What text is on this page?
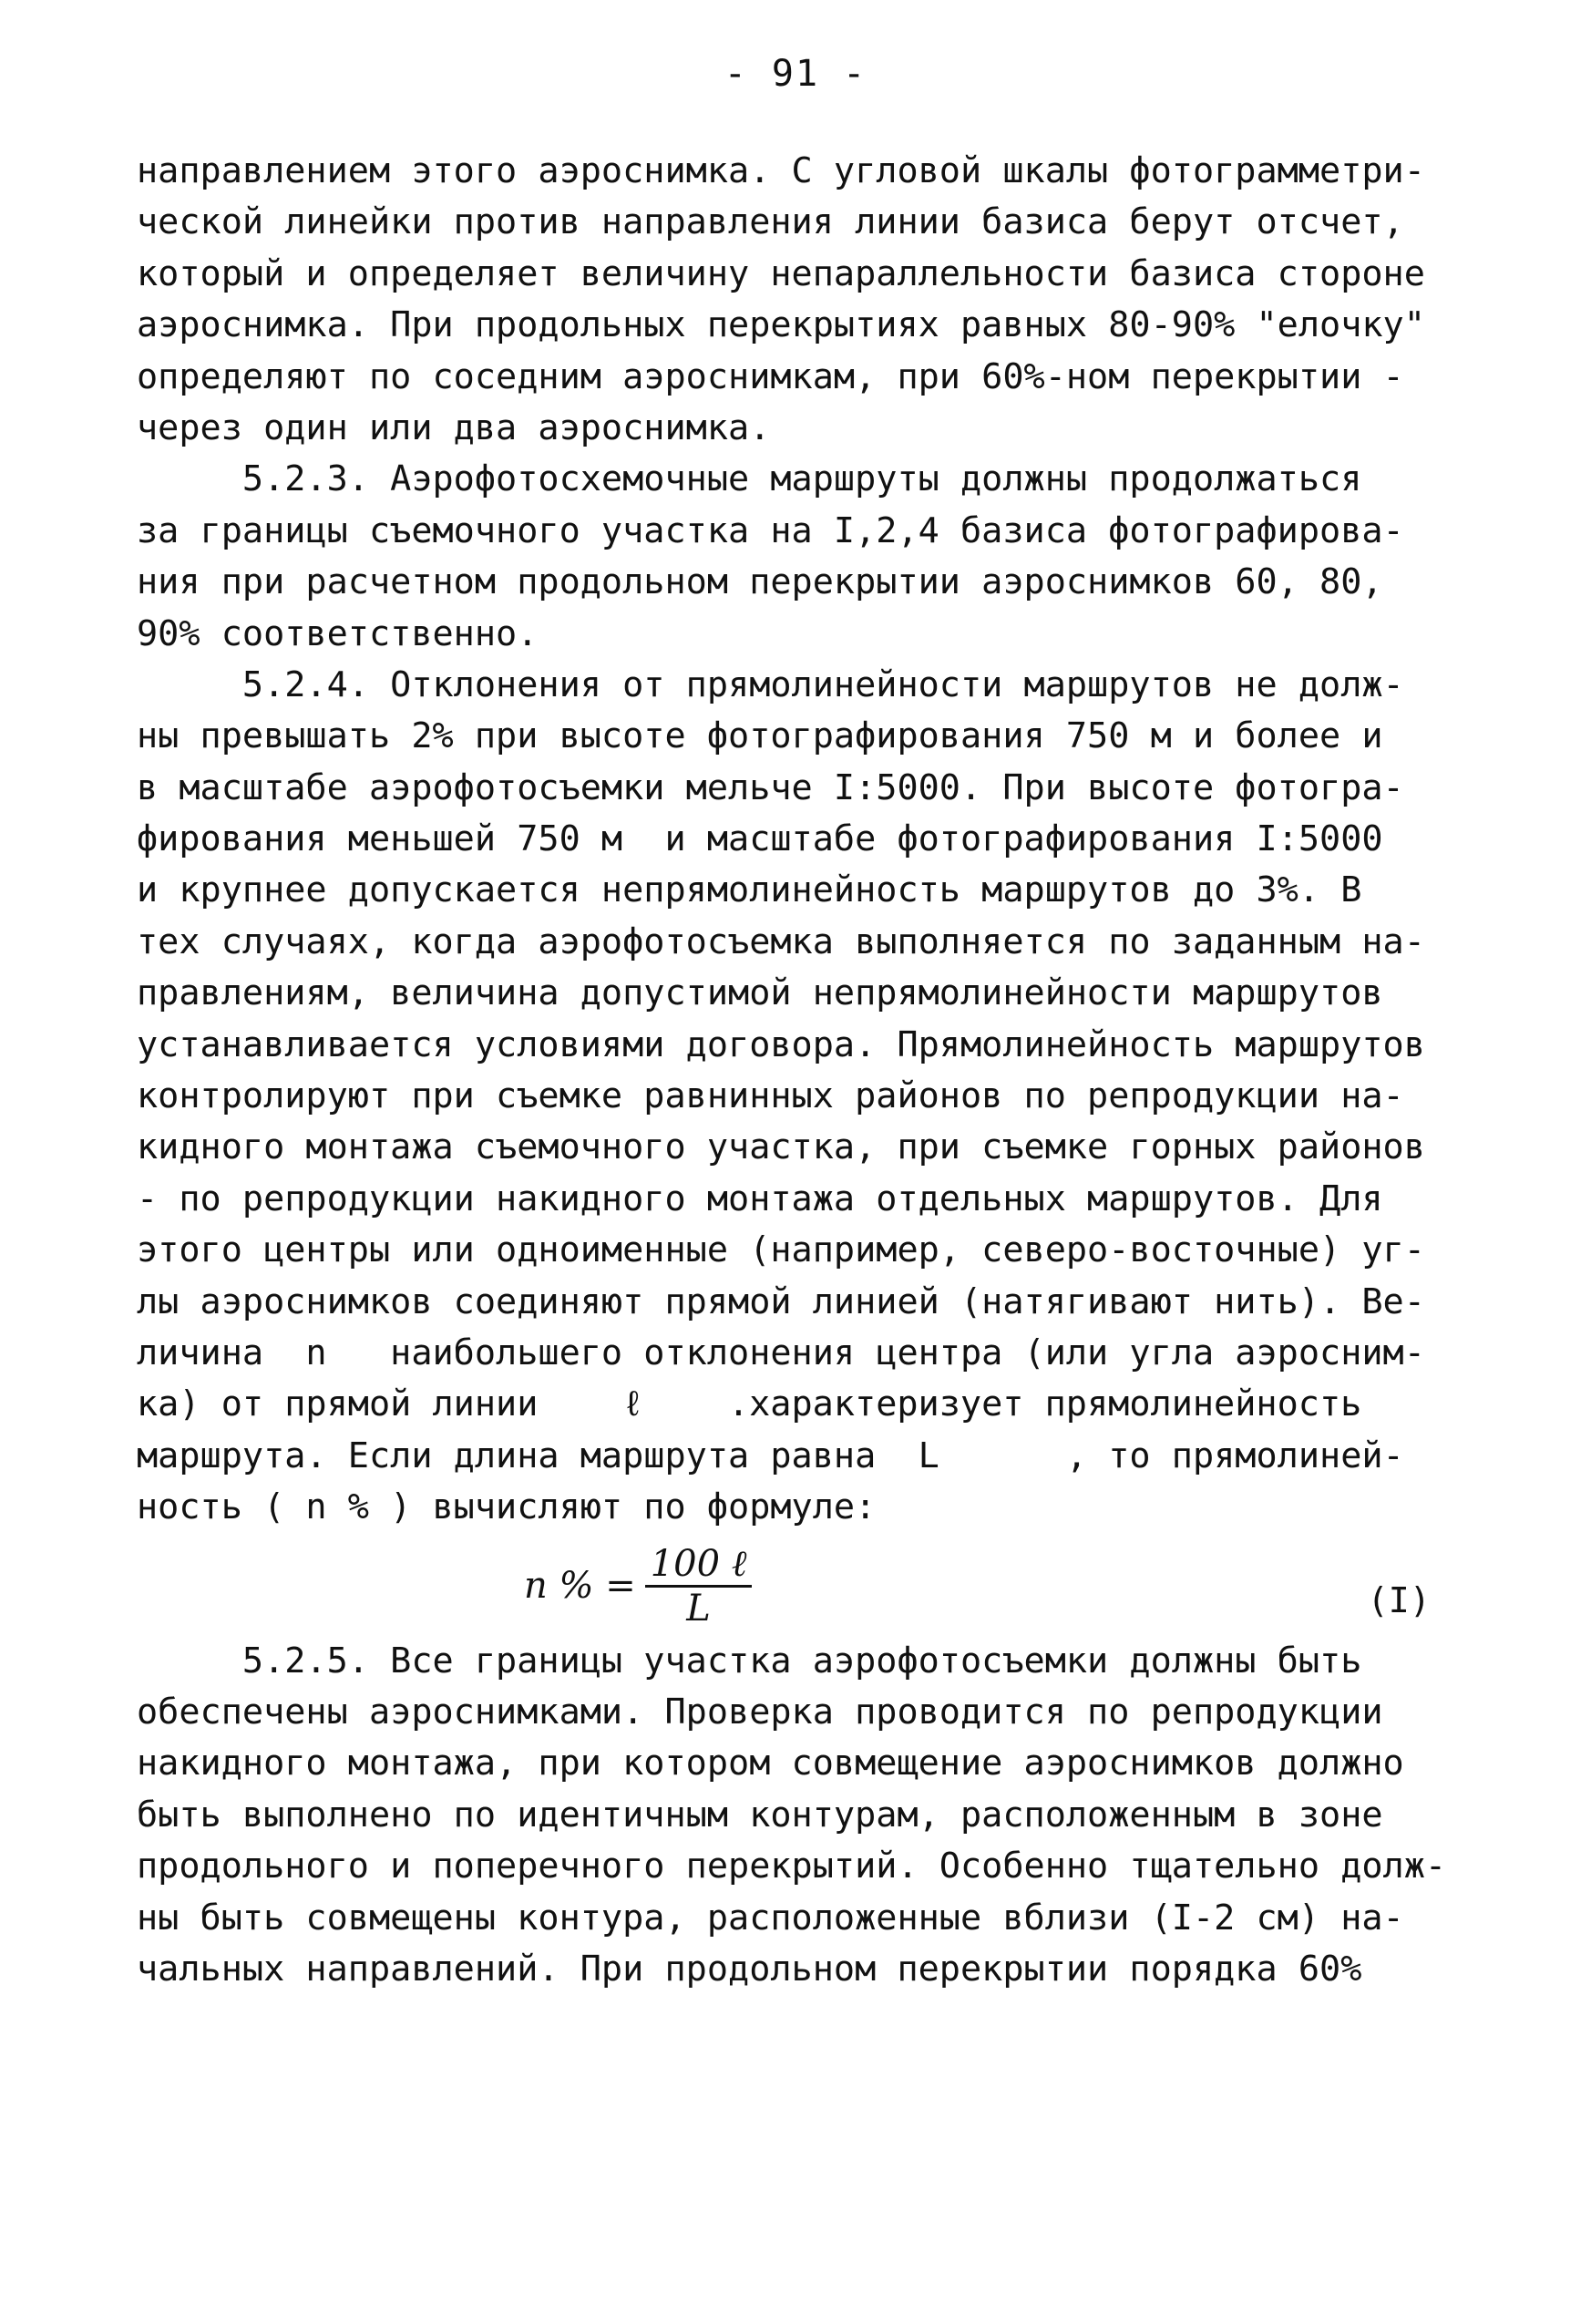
- 91 -
направлением этого аэроснимка. С угловой шкалы фотограмметри-
ческой линейки против направления линии базиса берут отсчет,
который и определяет величину непараллельности базиса стороне
аэроснимка. При продольных перекрытиях равных 80-90% "елочку"
определяют по соседним аэроснимкам, при 60%-ном перекрытии -
через один или два аэроснимка.
5.2.3. Аэрофотосхемочные маршруты должны продолжаться
за границы съемочного участка на I,2,4 базиса фотографирова-
ния при расчетном продольном перекрытии аэроснимков 60, 80,
90% соответственно.
5.2.4. Отклонения от прямолинейности маршрутов не долж-
ны превышать 2% при высоте фотографирования 750 м и более и
в масштабе аэрофотосъемки мельче I:5000. При высоте фотогра-
фирования меньшей 750 м  и масштабе фотографирования I:5000
и крупнее допускается непрямолинейность маршрутов до 3%. В
тех случаях, когда аэрофотосъемка выполняется по заданным на-
правлениям, величина допустимой непрямолинейности маршрутов
устанавливается условиями договора. Прямолинейность маршрутов
контролируют при съемке равнинных районов по репродукции на-
кидного монтажа съемочного участка, при съемке горных районов
- по репродукции накидного монтажа отдельных маршрутов. Для
этого центры или одноименные (например, северо-восточные) уг-
лы аэроснимков соединяют прямой линией (натягивают нить). Ве-
личина  n   наибольшего отклонения центра (или угла аэросним-
ка) от прямой линии    ℓ    .характеризует прямолинейность
маршрута. Если длина маршрута равна  L      , то прямолиней-
ность ( n % ) вычисляют по формуле:
n % = $\frac{\text{100 ℓ}}{L}$	(I)
5.2.5. Все границы участка аэрофотосъемки должны быть
обеспечены аэроснимками. Проверка проводится по репродукции
накидного монтажа, при котором совмещение аэроснимков должно
быть выполнено по идентичным контурам, расположенным в зоне
продольного и поперечного перекрытий. Особенно тщательно долж-
ны быть совмещены контура, расположенные вблизи (I-2 см) на-
чальных направлений. При продольном перекрытии порядка 60%
